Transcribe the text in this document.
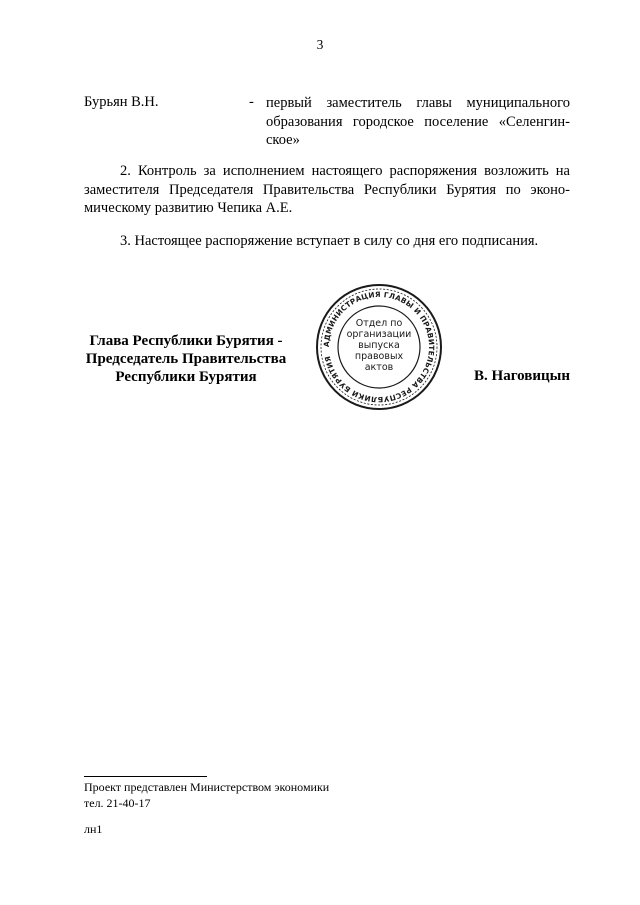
3
Бурьян В.Н.	- первый заместитель главы муниципального образования городское поселение «Селенгин-ское»
2. Контроль за исполнением настоящего распоряжения возложить на заместителя Председателя Правительства Республики Бурятия по эконо-мическому развитию Чепика А.Е.
3. Настоящее распоряжение вступает в силу со дня его подписания.
Глава Республики Бурятия -
Председатель Правительства
Республики Бурятия
АДМИНИСТРАЦИЯ ГЛАВЫ И ПРАВИТЕЛЬСТВА РЕСПУБЛИКИ БУРЯТИЯ
Отдел по
организации
выпуска
правовых
актов
В. Наговицын
Проект представлен Министерством экономики
тел. 21-40-17
лн1
